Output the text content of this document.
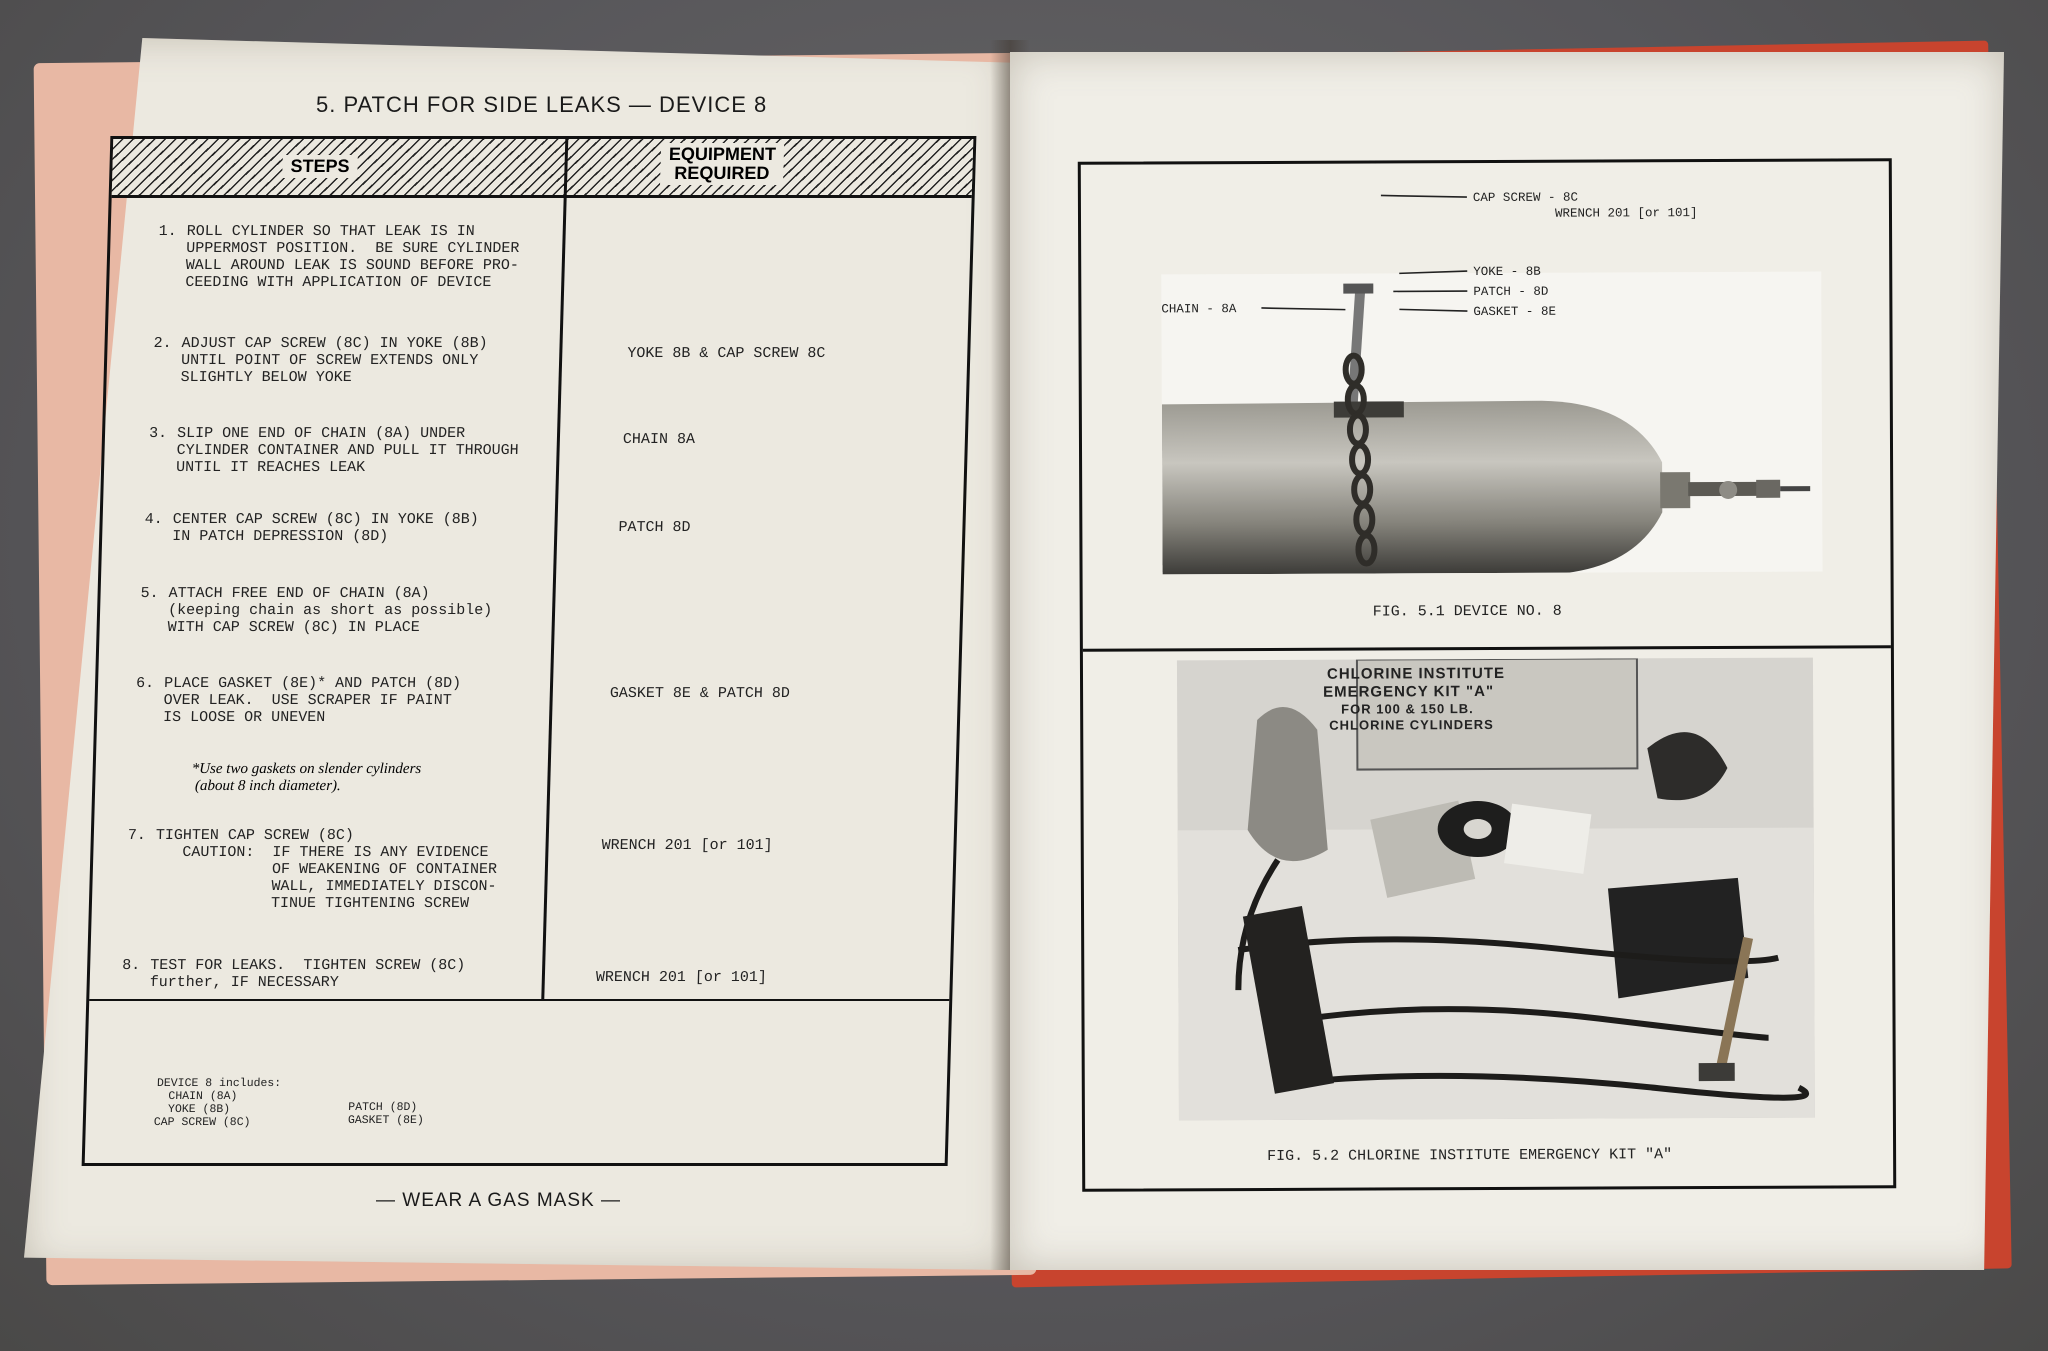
5. PATCH FOR SIDE LEAKS — DEVICE 8
STEPS
EQUIPMENT
REQUIRED
1. ROLL CYLINDER SO THAT LEAK IS IN
UPPERMOST POSITION.  BE SURE CYLINDER
WALL AROUND LEAK IS SOUND BEFORE PRO-
CEEDING WITH APPLICATION OF DEVICE
2. ADJUST CAP SCREW (8C) IN YOKE (8B)
UNTIL POINT OF SCREW EXTENDS ONLY
SLIGHTLY BELOW YOKE
YOKE 8B & CAP SCREW 8C
3. SLIP ONE END OF CHAIN (8A) UNDER
CYLINDER CONTAINER AND PULL IT THROUGH
UNTIL IT REACHES LEAK
CHAIN 8A
4. CENTER CAP SCREW (8C) IN YOKE (8B)
IN PATCH DEPRESSION (8D)
PATCH 8D
5. ATTACH FREE END OF CHAIN (8A)
(keeping chain as short as possible)
WITH CAP SCREW (8C) IN PLACE
6. PLACE GASKET (8E)* AND PATCH (8D)
OVER LEAK.  USE SCRAPER IF PAINT
IS LOOSE OR UNEVEN
GASKET 8E & PATCH 8D
*Use two gaskets on slender cylinders
(about 8 inch diameter).
7. TIGHTEN CAP SCREW (8C)
CAUTION:  IF THERE IS ANY EVIDENCE
OF WEAKENING OF CONTAINER
WALL, IMMEDIATELY DISCON-
TINUE TIGHTENING SCREW
WRENCH 201 [or 101]
8. TEST FOR LEAKS.  TIGHTEN SCREW (8C)
further, IF NECESSARY	WRENCH 201 [or 101]
DEVICE 8 includes:
CHAIN (8A)
YOKE (8B)
CAP SCREW (8C)
PATCH (8D)
GASKET (8E)
— WEAR A GAS MASK —
CAP SCREW - 8C
WRENCH 201 [or 101]
YOKE - 8B
PATCH - 8D
GASKET - 8E
CHAIN - 8A
FIG. 5.1 DEVICE NO. 8
CHLORINE INSTITUTE
EMERGENCY KIT "A"
FOR 100 & 150 LB.
CHLORINE CYLINDERS
FIG. 5.2 CHLORINE INSTITUTE EMERGENCY KIT "A"
